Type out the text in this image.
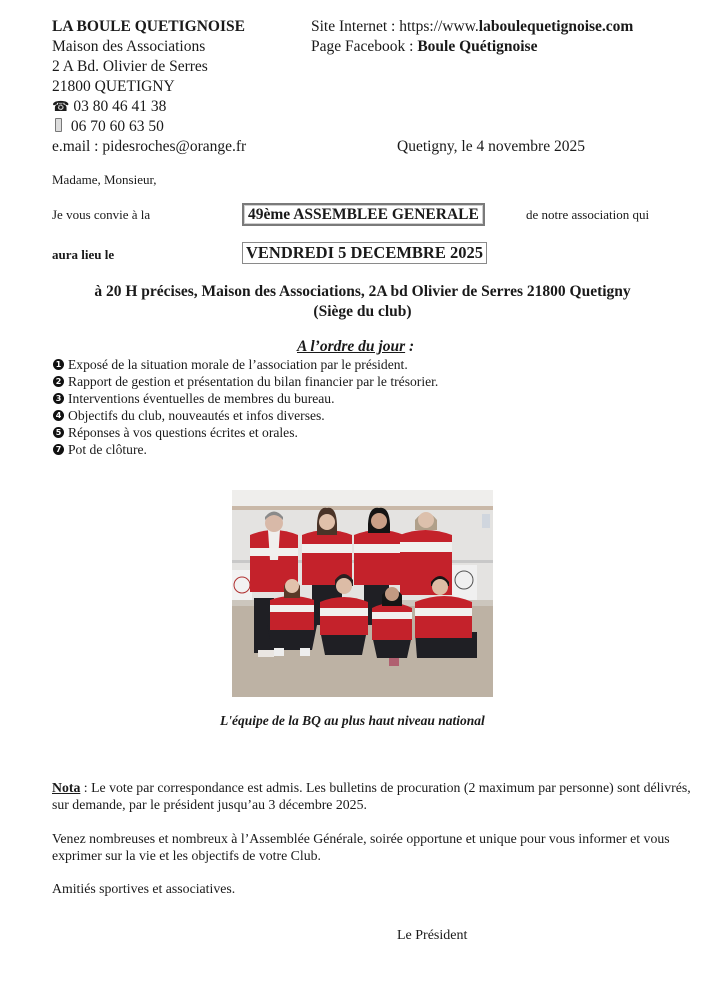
LA BOULE QUETIGNOISE
Maison des Associations
2 A Bd. Olivier de Serres
21800 QUETIGNY
☎ 03 80 46 41 38
06 70 60 63 50
e.mail : pidesroches@orange.fr
Site Internet : https://www.laboulequetignoise.com
Page Facebook : Boule Quétignoise
Quetigny, le 4 novembre 2025
Madame, Monsieur,
Je vous convie à la	49ème ASSEMBLEE GENERALE	de notre association qui
aura lieu le	VENDREDI 5 DECEMBRE 2025
à 20 H précises, Maison des Associations, 2A bd Olivier de Serres 21800 Quetigny
(Siège du club)
A l’ordre du jour :
1 Exposé de la situation morale de l’association par le président.
2 Rapport de gestion et présentation du bilan financier par le trésorier.
3 Interventions éventuelles de membres du bureau.
4 Objectifs du club, nouveautés et infos diverses.
5 Réponses à vos questions écrites et orales.
7 Pot de clôture.
L'équipe de la BQ au plus haut niveau national
Nota : Le vote par correspondance est admis. Les bulletins de procuration (2 maximum par personne) sont délivrés, sur demande, par le président jusqu’au 3 décembre 2025.
Venez nombreuses et nombreux à l’Assemblée Générale, soirée opportune et unique pour vous informer et vous exprimer sur la vie et les objectifs de votre Club.
Amitiés sportives et associatives.
Le Président
